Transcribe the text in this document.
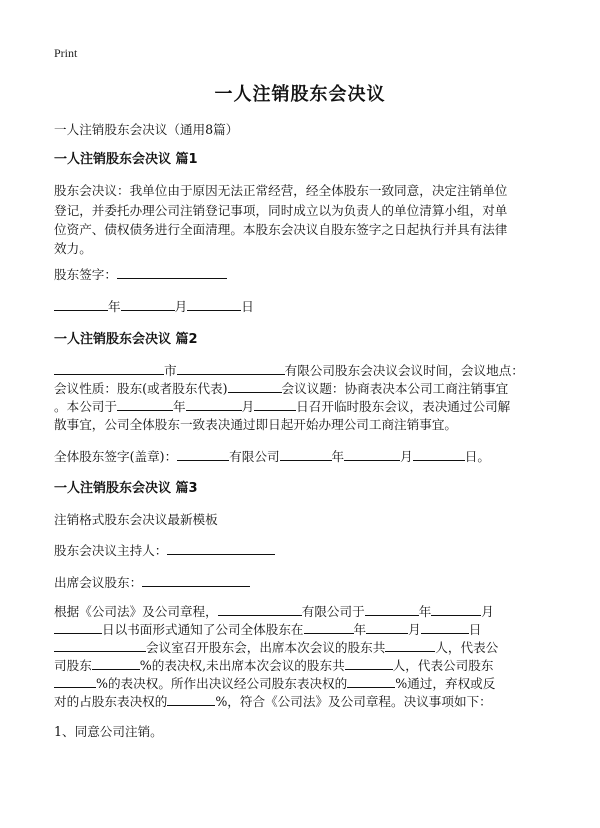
Print
一人注销股东会决议
一人注销股东会决议（通用8篇）
一人注销股东会决议 篇1
股东会决议：我单位由于原因无法正常经营，经全体股东一致同意，决定注销单位
登记，并委托办理公司注销登记事项，同时成立以为负责人的单位清算小组，对单
位资产、债权债务进行全面清理。本股东会决议自股东签字之日起执行并具有法律
效力。
股东签字：
年	月	日
一人注销股东会决议 篇2
市	有限公司股东会决议会议时间，会议地点：
会议性质：股东(或者股东代表)	会议议题：协商表决本公司工商注销事宜
。本公司于	年	月	日召开临时股东会议，表决通过公司解
散事宜，公司全体股东一致表决通过即日起开始办理公司工商注销事宜。
全体股东签字(盖章)：	有限公司	年	月	日。
一人注销股东会决议 篇3
注销格式股东会决议最新模板
股东会决议主持人：
出席会议股东：
根据《公司法》及公司章程，	有限公司于	年	月
日以书面形式通知了公司全体股东在	年	月	日
会议室召开股东会，出席本次会议的股东共	人，代表公
司股东	%的表决权,未出席本次会议的股东共	人，代表公司股东
%的表决权。所作出决议经公司股东表决权的	%通过，弃权或反
对的占股东表决权的	%，符合《公司法》及公司章程。决议事项如下：
1、同意公司注销。
